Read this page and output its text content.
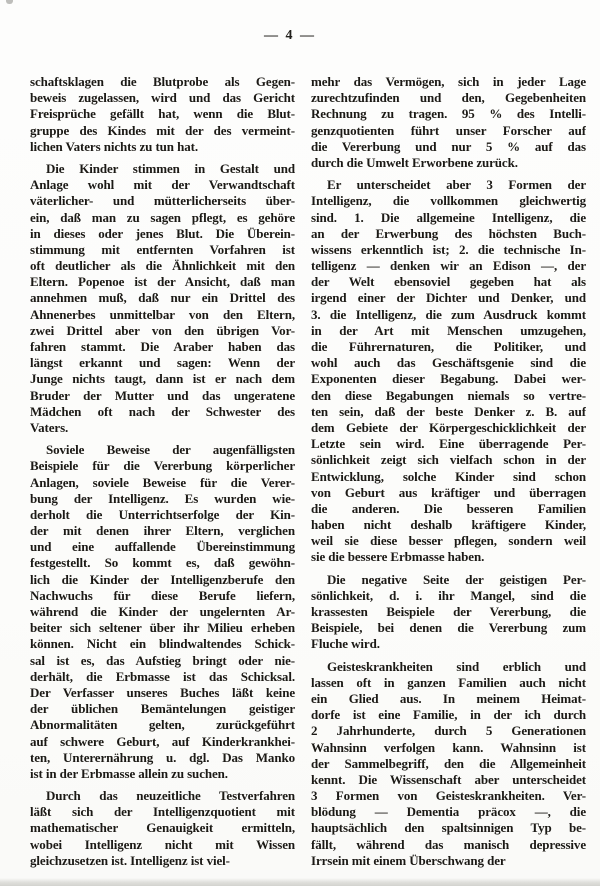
— 4 —
schaftsklagen die Blutprobe als Gegen-
beweis zugelassen, wird und das Gericht
Freisprüche gefällt hat, wenn die Blut-
gruppe des Kindes mit der des vermeint-
lichen Vaters nichts zu tun hat.
Die Kinder stimmen in Gestalt und
Anlage wohl mit der Verwandtschaft
väterlicher- und mütterlicherseits über-
ein, daß man zu sagen pflegt, es gehöre
in dieses oder jenes Blut. Die Überein-
stimmung mit entfernten Vorfahren ist
oft deutlicher als die Ähnlichkeit mit den
Eltern. Popenoe ist der Ansicht, daß man
annehmen muß, daß nur ein Drittel des
Ahnenerbes unmittelbar von den Eltern,
zwei Drittel aber von den übrigen Vor-
fahren stammt. Die Araber haben das
längst erkannt und sagen: Wenn der
Junge nichts taugt, dann ist er nach dem
Bruder der Mutter und das ungeratene
Mädchen oft nach der Schwester des
Vaters.
Soviele Beweise der augenfälligsten
Beispiele für die Vererbung körperlicher
Anlagen, soviele Beweise für die Verer-
bung der Intelligenz. Es wurden wie-
derholt die Unterrichtserfolge der Kin-
der mit denen ihrer Eltern, verglichen
und eine auffallende Übereinstimmung
festgestellt. So kommt es, daß gewöhn-
lich die Kinder der Intelligenzberufe den
Nachwuchs für diese Berufe liefern,
während die Kinder der ungelernten Ar-
beiter sich seltener über ihr Milieu erheben
können. Nicht ein blindwaltendes Schick-
sal ist es, das Aufstieg bringt oder nie-
derhält, die Erbmasse ist das Schicksal.
Der Verfasser unseres Buches läßt keine
der üblichen Bemäntelungen geistiger
Abnormalitäten gelten, zurückgeführt
auf schwere Geburt, auf Kinderkrankhei-
ten, Unterernährung u. dgl. Das Manko
ist in der Erbmasse allein zu suchen.
Durch das neuzeitliche Testverfahren
läßt sich der Intelligenzquotient mit
mathematischer Genauigkeit ermitteln,
wobei Intelligenz nicht mit Wissen
gleichzusetzen ist. Intelligenz ist viel-
mehr das Vermögen, sich in jeder Lage
zurechtzufinden und den, Gegebenheiten
Rechnung zu tragen. 95 % des Intelli-
genzquotienten führt unser Forscher auf
die Vererbung und nur 5 % auf das
durch die Umwelt Erworbene zurück.
Er unterscheidet aber 3 Formen der
Intelligenz, die vollkommen gleichwertig
sind. 1. Die allgemeine Intelligenz, die
an der Erwerbung des höchsten Buch-
wissens erkenntlich ist; 2. die technische In-
telligenz — denken wir an Edison —, der
der Welt ebensoviel gegeben hat als
irgend einer der Dichter und Denker, und
3. die Intelligenz, die zum Ausdruck kommt
in der Art mit Menschen umzugehen,
die Führernaturen, die Politiker, und
wohl auch das Geschäftsgenie sind die
Exponenten dieser Begabung. Dabei wer-
den diese Begabungen niemals so vertre-
ten sein, daß der beste Denker z. B. auf
dem Gebiete der Körpergeschicklichkeit der
Letzte sein wird. Eine überragende Per-
sönlichkeit zeigt sich vielfach schon in der
Entwicklung, solche Kinder sind schon
von Geburt aus kräftiger und überragen
die anderen. Die besseren Familien
haben nicht deshalb kräftigere Kinder,
weil sie diese besser pflegen, sondern weil
sie die bessere Erbmasse haben.
Die negative Seite der geistigen Per-
sönlichkeit, d. i. ihr Mangel, sind die
krassesten Beispiele der Vererbung, die
Beispiele, bei denen die Vererbung zum
Fluche wird.
Geisteskrankheiten sind erblich und
lassen oft in ganzen Familien auch nicht
ein Glied aus. In meinem Heimat-
dorfe ist eine Familie, in der ich durch
2 Jahrhunderte, durch 5 Generationen
Wahnsinn verfolgen kann. Wahnsinn ist
der Sammelbegriff, den die Allgemeinheit
kennt. Die Wissenschaft aber unterscheidet
3 Formen von Geisteskrankheiten. Ver-
blödung — Dementia präcox —, die
hauptsächlich den spaltsinnigen Typ be-
fällt, während das manisch depressive
Irrsein mit einem Überschwang der
